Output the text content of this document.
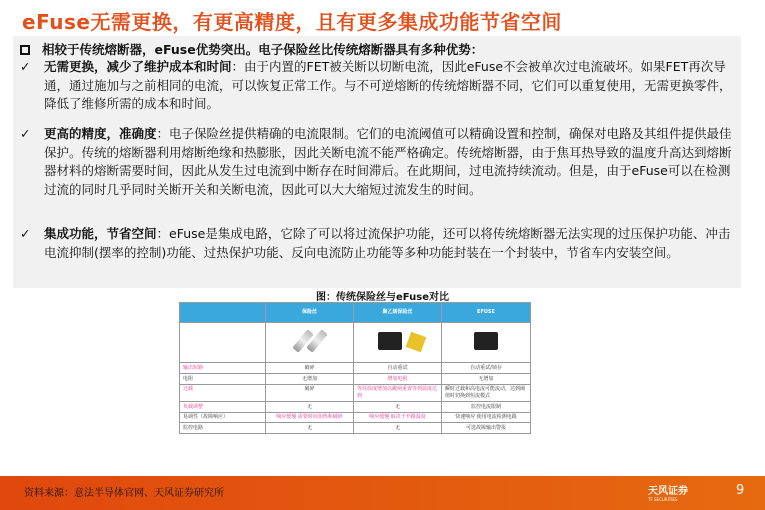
eFuse无需更换，有更高精度，且有更多集成功能节省空间
相较于传统熔断器，eFuse优势突出。电子保险丝比传统熔断器具有多种优势：
✓	无需更换，减少了维护成本和时间：由于内置的FET被关断以切断电流，因此eFuse不会被单次过电流破坏。如果FET再次导通，通过施加与之前相同的电流，可以恢复正常工作。与不可逆熔断的传统熔断器不同，它们可以重复使用，无需更换零件，降低了维修所需的成本和时间。
✓	更高的精度，准确度：电子保险丝提供精确的电流限制。它们的电流阈值可以精确设置和控制，确保对电路及其组件提供最佳保护。传统的熔断器利用熔断绝缘和热膨胀，因此关断电流不能严格确定。传统熔断器，由于焦耳热导致的温度升高达到熔断器材料的熔断需要时间，因此从发生过电流到中断存在时间滞后。在此期间，过电流持续流动。但是，由于eFuse可以在检测过流的同时几乎同时关断开关和关断电流，因此可以大大缩短过流发生的时间。
✓	集成功能，节省空间：eFuse是集成电路，它除了可以将过流保护功能，还可以将传统熔断器无法实现的过压保护功能、冲击电流抑制(摆率的控制)功能、过热保护功能、反向电流防止功能等多种功能封装在一个封装中，节省车内安装空间。
图：传统保险丝与eFuse对比
	保险丝	聚乙烯保险丝	EFUSE

输出短路	破碎	自动重试	自动重试/锁存
电阻	无增加	增加电阻	无增加
过载	破碎	等待温度增加以跳闸重置等到温度达到	瞬时过载和高电流可能流动，达到阈值时切换到恒流模式
负载调整	无	无	监控电流限制
易调性（故障响应）	响应缓慢 需要时间加热和破碎	响应缓慢 取决于开路温度	快速响应 使用电流检测电路
监控电路	无	无	可选故障输出警报
资料来源：意法半导体官网、天风证券研究所	天风证券
TF SECURITIES
9
